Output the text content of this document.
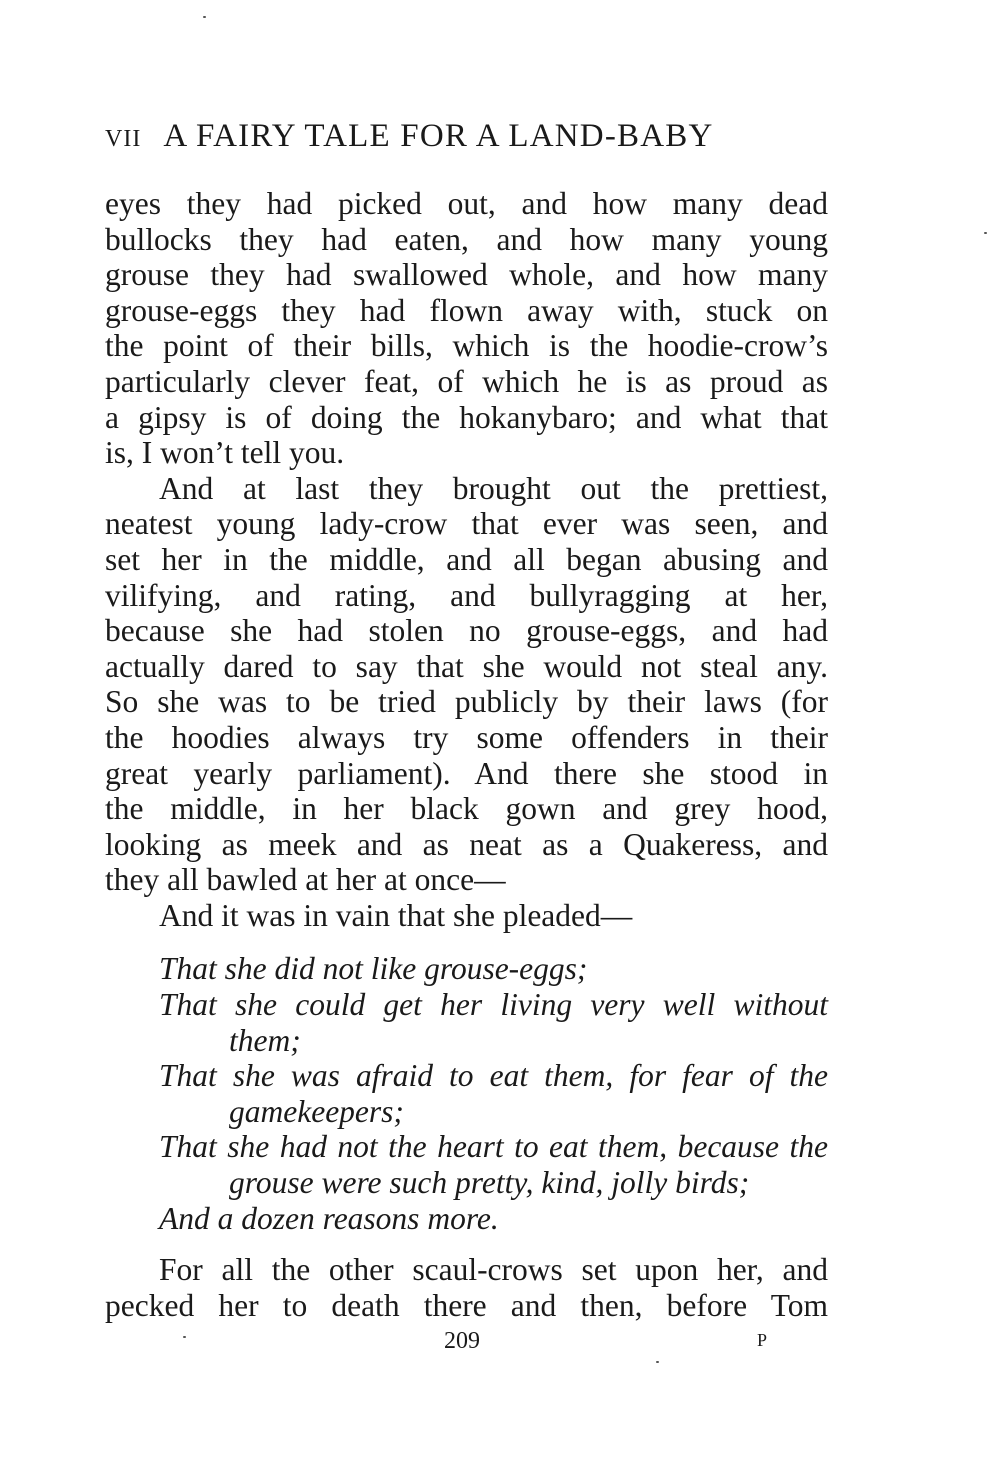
VII A FAIRY TALE FOR A LAND-BABY

eyes they had picked out, and how many dead
bullocks they had eaten, and how many young
grouse they had swallowed whole, and how many
grouse-eggs they had flown away with, stuck on
the point of their bills, which is the hoodie-crow’s
particularly clever feat, of which he is as proud as
a gipsy is of doing the hokanybaro; and what that
is, I won’t tell you.

And at last they brought out the prettiest,
neatest young lady-crow that ever was seen, and
set her in the middle, and all began abusing and
vilifying, and rating, and bullyragging at her,
because she had stolen no grouse-eggs, and had
actually dared to say that she would not steal any.
So she was to be tried publicly by their laws (for
the hoodies always try some offenders in their
great yearly parliament). And there she stood in
the middle, in her black gown and grey hood,
looking as meek and as neat as a Quakeress, and
they all bawled at her at once—

And it was in vain that she pleaded—

That she did not like grouse-eggs;
That she could get her living very well without
them;
That she was afraid to eat them, for fear of the
gamekeepers;
That she had not the heart to eat them, because the
grouse were such pretty, kind, jolly birds;
And a dozen reasons more.

For all the other scaul-crows set upon her, and
pecked her to death there and then, before Tom

209	P
